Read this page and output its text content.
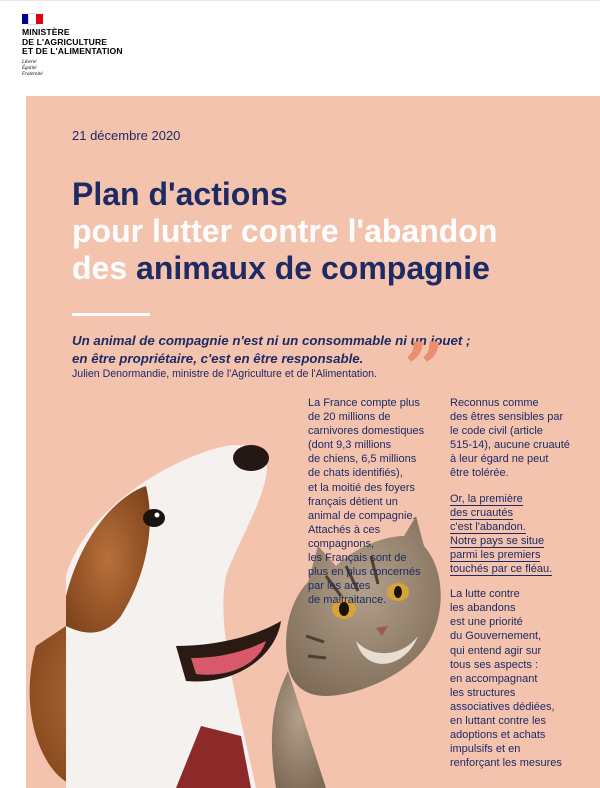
MINISTÈRE
DE L'AGRICULTURE
ET DE L'ALIMENTATION
Liberté
Égalité
Fraternité
21 décembre 2020
Plan d'actions
pour lutter contre l'abandon
des animaux de compagnie
Un animal de compagnie n'est ni un consommable ni un jouet ;
en être propriétaire, c'est en être responsable.
Julien Denormandie, ministre de l'Agriculture et de l'Alimentation. ”
La France compte plus
de 20 millions de
carnivores domestiques
(dont 9,3 millions
de chiens, 6,5 millions
de chats identifiés),
et la moitié des foyers
français détient un
animal de compagnie.
Attachés à ces
compagnons,
les Français sont de
plus en plus concernés
par les actes
de maltraitance.
Reconnus comme
des êtres sensibles par
le code civil (article
515-14), aucune cruauté
à leur égard ne peut
être tolérée.
Or, la première
des cruautés
c'est l'abandon.
Notre pays se situe
parmi les premiers
touchés par ce fléau.
La lutte contre
les abandons
est une priorité
du Gouvernement,
qui entend agir sur
tous ses aspects :
en accompagnant
les structures
associatives dédiées,
en luttant contre les
adoptions et achats
impulsifs et en
renforçant les mesures
